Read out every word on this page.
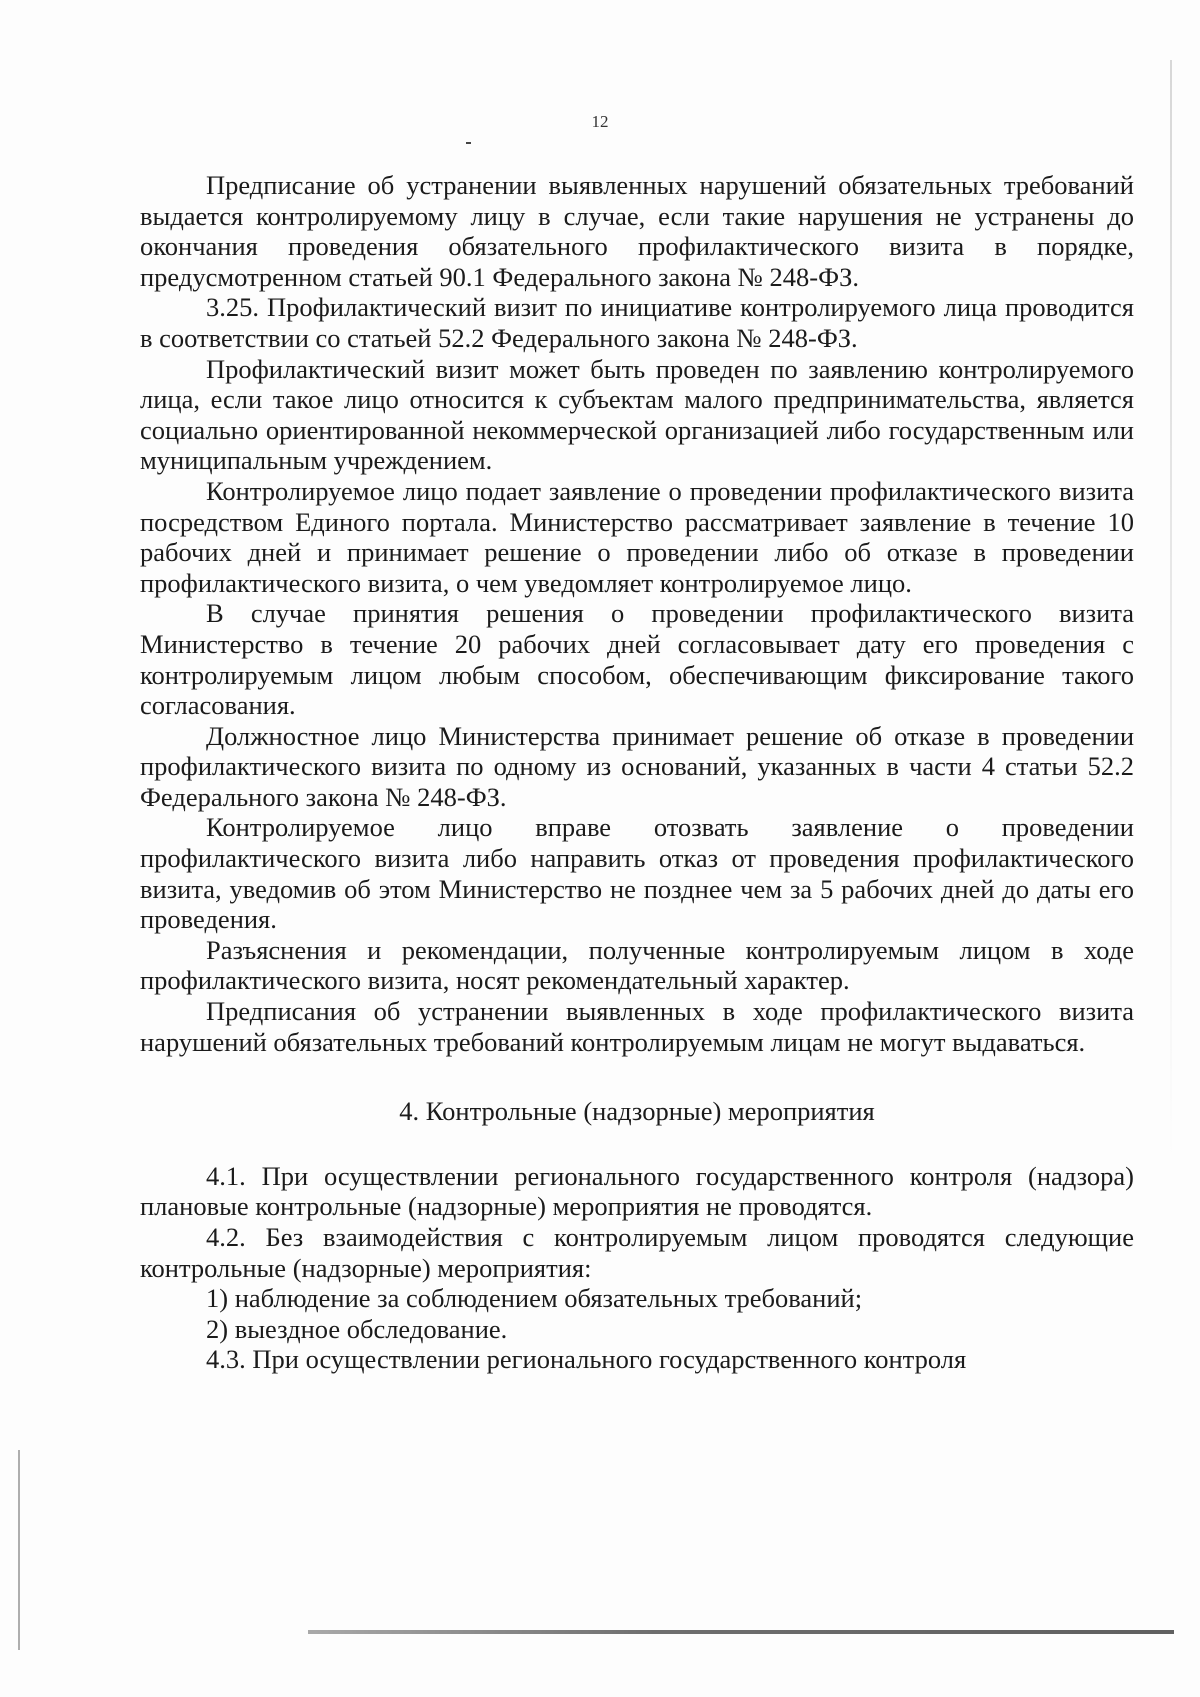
12

Предписание об устранении выявленных нарушений обязательных требований выдается контролируемому лицу в случае, если такие нарушения не устранены до окончания проведения обязательного профилактического визита в порядке, предусмотренном статьей 90.1 Федерального закона № 248-ФЗ.

3.25. Профилактический визит по инициативе контролируемого лица проводится в соответствии со статьей 52.2 Федерального закона № 248-ФЗ.

Профилактический визит может быть проведен по заявлению контролируемого лица, если такое лицо относится к субъектам малого предпринимательства, является социально ориентированной некоммерческой организацией либо государственным или муниципальным учреждением.

Контролируемое лицо подает заявление о проведении профилактического визита посредством Единого портала. Министерство рассматривает заявление в течение 10 рабочих дней и принимает решение о проведении либо об отказе в проведении профилактического визита, о чем уведомляет контролируемое лицо.

В случае принятия решения о проведении профилактического визита Министерство в течение 20 рабочих дней согласовывает дату его проведения с контролируемым лицом любым способом, обеспечивающим фиксирование такого согласования.

Должностное лицо Министерства принимает решение об отказе в проведении профилактического визита по одному из оснований, указанных в части 4 статьи 52.2 Федерального закона № 248-ФЗ.

Контролируемое лицо вправе отозвать заявление о проведении профилактического визита либо направить отказ от проведения профилактического визита, уведомив об этом Министерство не позднее чем за 5 рабочих дней до даты его проведения.

Разъяснения и рекомендации, полученные контролируемым лицом в ходе профилактического визита, носят рекомендательный характер.

Предписания об устранении выявленных в ходе профилактического визита нарушений обязательных требований контролируемым лицам не могут выдаваться.

4. Контрольные (надзорные) мероприятия

4.1. При осуществлении регионального государственного контроля (надзора) плановые контрольные (надзорные) мероприятия не проводятся.

4.2. Без взаимодействия с контролируемым лицом проводятся следующие контрольные (надзорные) мероприятия:

1) наблюдение за соблюдением обязательных требований;

2) выездное обследование.

4.3. При осуществлении регионального государственного контроля
